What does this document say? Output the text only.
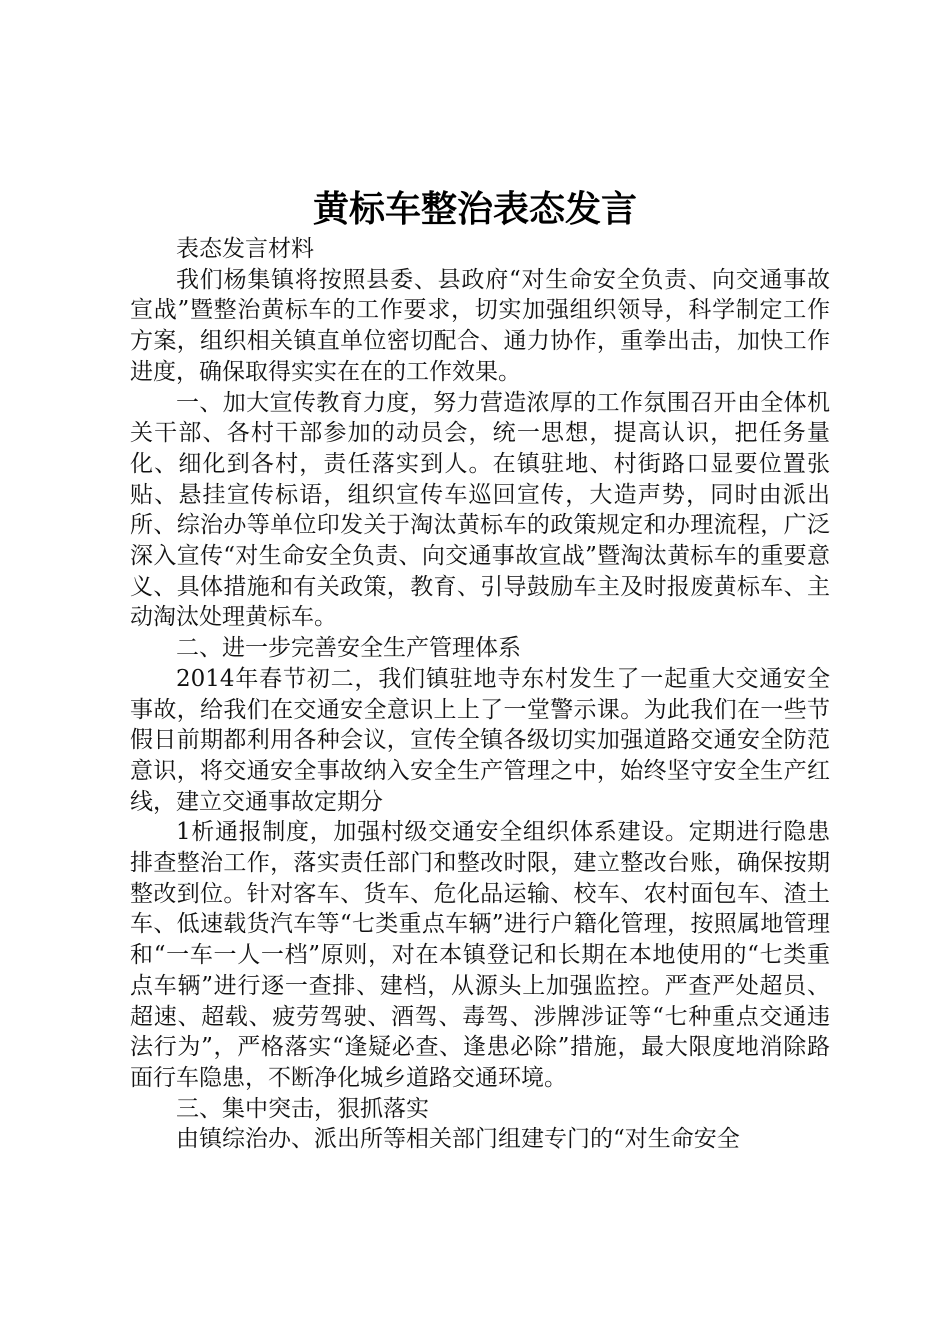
黄标车整治表态发言

表态发言材料

我们杨集镇将按照县委、县政府“对生命安全负责、向交通事故宣战”暨整治黄标车的工作要求，切实加强组织领导，科学制定工作方案，组织相关镇直单位密切配合、通力协作，重拳出击，加快工作进度，确保取得实实在在的工作效果。

一、加大宣传教育力度，努力营造浓厚的工作氛围召开由全体机关干部、各村干部参加的动员会，统一思想，提高认识，把任务量化、细化到各村，责任落实到人。在镇驻地、村街路口显要位置张贴、悬挂宣传标语，组织宣传车巡回宣传，大造声势，同时由派出所、综治办等单位印发关于淘汰黄标车的政策规定和办理流程，广泛深入宣传“对生命安全负责、向交通事故宣战”暨淘汰黄标车的重要意义、具体措施和有关政策，教育、引导鼓励车主及时报废黄标车、主动淘汰处理黄标车。

二、进一步完善安全生产管理体系

2014年春节初二，我们镇驻地寺东村发生了一起重大交通安全事故，给我们在交通安全意识上上了一堂警示课。为此我们在一些节假日前期都利用各种会议，宣传全镇各级切实加强道路交通安全防范意识，将交通安全事故纳入安全生产管理之中，始终坚守安全生产红线，建立交通事故定期分

1析通报制度，加强村级交通安全组织体系建设。定期进行隐患排查整治工作，落实责任部门和整改时限，建立整改台账，确保按期整改到位。针对客车、货车、危化品运输、校车、农村面包车、渣土车、低速载货汽车等“七类重点车辆”进行户籍化管理，按照属地管理和“一车一人一档”原则，对在本镇登记和长期在本地使用的“七类重点车辆”进行逐一查排、建档，从源头上加强监控。严查严处超员、超速、超载、疲劳驾驶、酒驾、毒驾、涉牌涉证等“七种重点交通违法行为”，严格落实“逢疑必查、逢患必除”措施，最大限度地消除路面行车隐患，不断净化城乡道路交通环境。

三、集中突击，狠抓落实

由镇综治办、派出所等相关部门组建专门的“对生命安全
